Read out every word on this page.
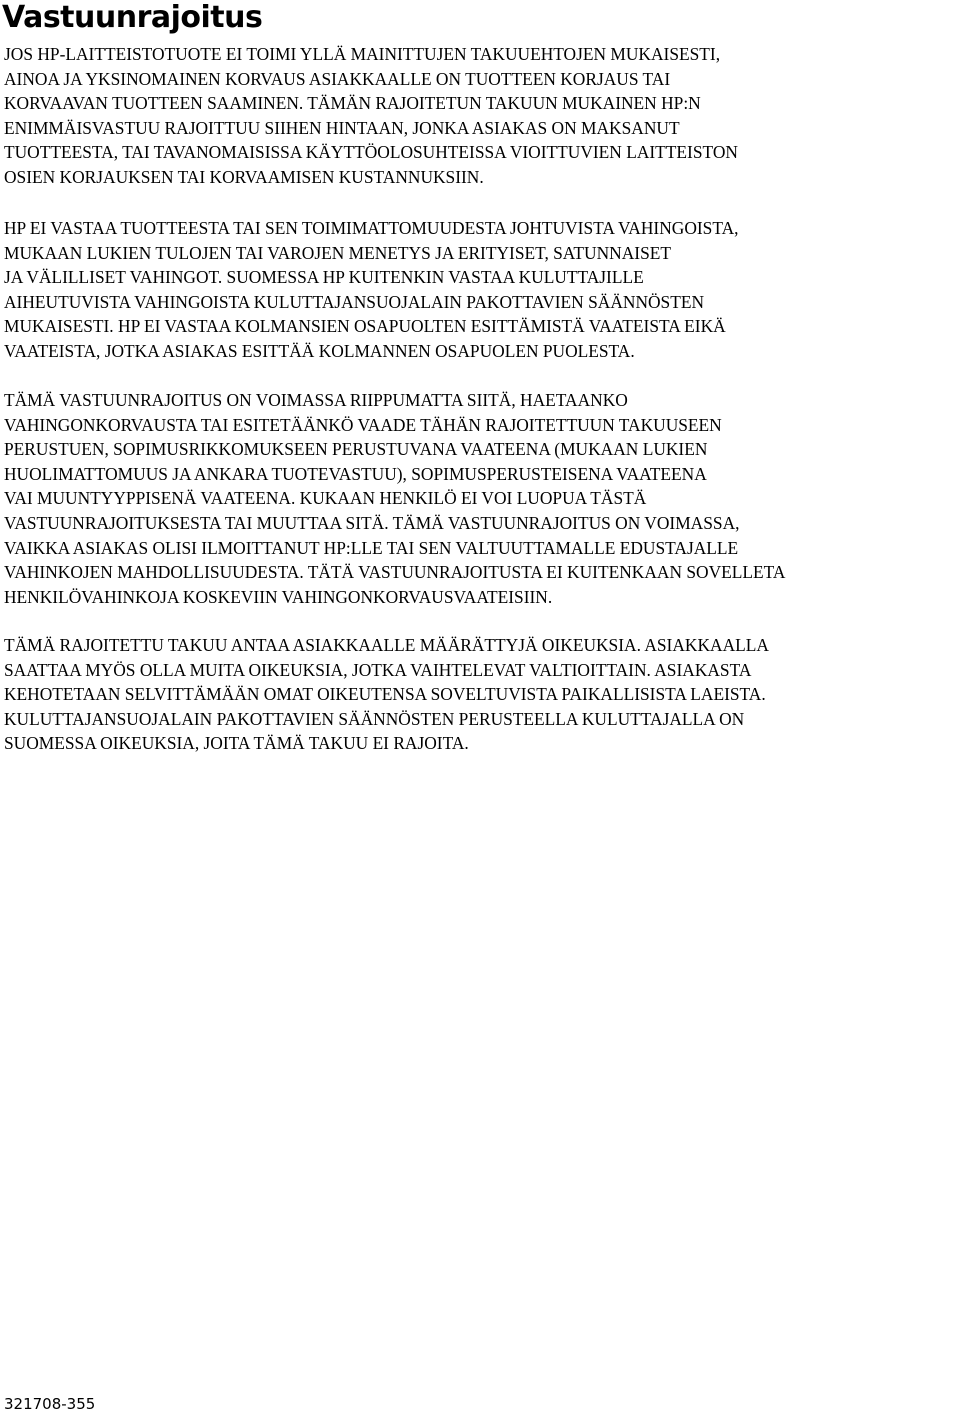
Vastuunrajoitus

JOS HP-LAITTEISTOTUOTE EI TOIMI YLLÄ MAINITTUJEN TAKUUEHTOJEN MUKAISESTI,
AINOA JA YKSINOMAINEN KORVAUS ASIAKKAALLE ON TUOTTEEN KORJAUS TAI
KORVAAVAN TUOTTEEN SAAMINEN. TÄMÄN RAJOITETUN TAKUUN MUKAINEN HP:N
ENIMMÄISVASTUU RAJOITTUU SIIHEN HINTAAN, JONKA ASIAKAS ON MAKSANUT
TUOTTEESTA, TAI TAVANOMAISISSA KÄYTTÖOLOSUHTEISSA VIOITTUVIEN LAITTEISTON
OSIEN KORJAUKSEN TAI KORVAAMISEN KUSTANNUKSIIN.

HP EI VASTAA TUOTTEESTA TAI SEN TOIMIMATTOMUUDESTA JOHTUVISTA VAHINGOISTA,
MUKAAN LUKIEN TULOJEN TAI VAROJEN MENETYS JA ERITYISET, SATUNNAISET
JA VÄLILLISET VAHINGOT. SUOMESSA HP KUITENKIN VASTAA KULUTTAJILLE
AIHEUTUVISTA VAHINGOISTA KULUTTAJANSUOJALAIN PAKOTTAVIEN SÄÄNNÖSTEN
MUKAISESTI. HP EI VASTAA KOLMANSIEN OSAPUOLTEN ESITTÄMISTÄ VAATEISTA EIKÄ
VAATEISTA, JOTKA ASIAKAS ESITTÄÄ KOLMANNEN OSAPUOLEN PUOLESTA.

TÄMÄ VASTUUNRAJOITUS ON VOIMASSA RIIPPUMATTA SIITÄ, HAETAANKO
VAHINGONKORVAUSTA TAI ESITETÄÄNKÖ VAADE TÄHÄN RAJOITETTUUN TAKUUSEEN
PERUSTUEN, SOPIMUSRIKKOMUKSEEN PERUSTUVANA VAATEENA (MUKAAN LUKIEN
HUOLIMATTOMUUS JA ANKARA TUOTEVASTUU), SOPIMUSPERUSTEISENA VAATEENA
VAI MUUNTYYPPISENÄ VAATEENA. KUKAAN HENKILÖ EI VOI LUOPUA TÄSTÄ
VASTUUNRAJOITUKSESTA TAI MUUTTAA SITÄ. TÄMÄ VASTUUNRAJOITUS ON VOIMASSA,
VAIKKA ASIAKAS OLISI ILMOITTANUT HP:LLE TAI SEN VALTUUTTAMALLE EDUSTAJALLE
VAHINKOJEN MAHDOLLISUUDESTA. TÄTÄ VASTUUNRAJOITUSTA EI KUITENKAAN SOVELLETA
HENKILÖVAHINKOJA KOSKEVIIN VAHINGONKORVAUSVAATEISIIN.

TÄMÄ RAJOITETTU TAKUU ANTAA ASIAKKAALLE MÄÄRÄTTYJÄ OIKEUKSIA. ASIAKKAALLA
SAATTAA MYÖS OLLA MUITA OIKEUKSIA, JOTKA VAIHTELEVAT VALTIOITTAIN. ASIAKASTA
KEHOTETAAN SELVITTÄMÄÄN OMAT OIKEUTENSA SOVELTUVISTA PAIKALLISISTA LAEISTA.
KULUTTAJANSUOJALAIN PAKOTTAVIEN SÄÄNNÖSTEN PERUSTEELLA KULUTTAJALLA ON
SUOMESSA OIKEUKSIA, JOITA TÄMÄ TAKUU EI RAJOITA.

321708-355
